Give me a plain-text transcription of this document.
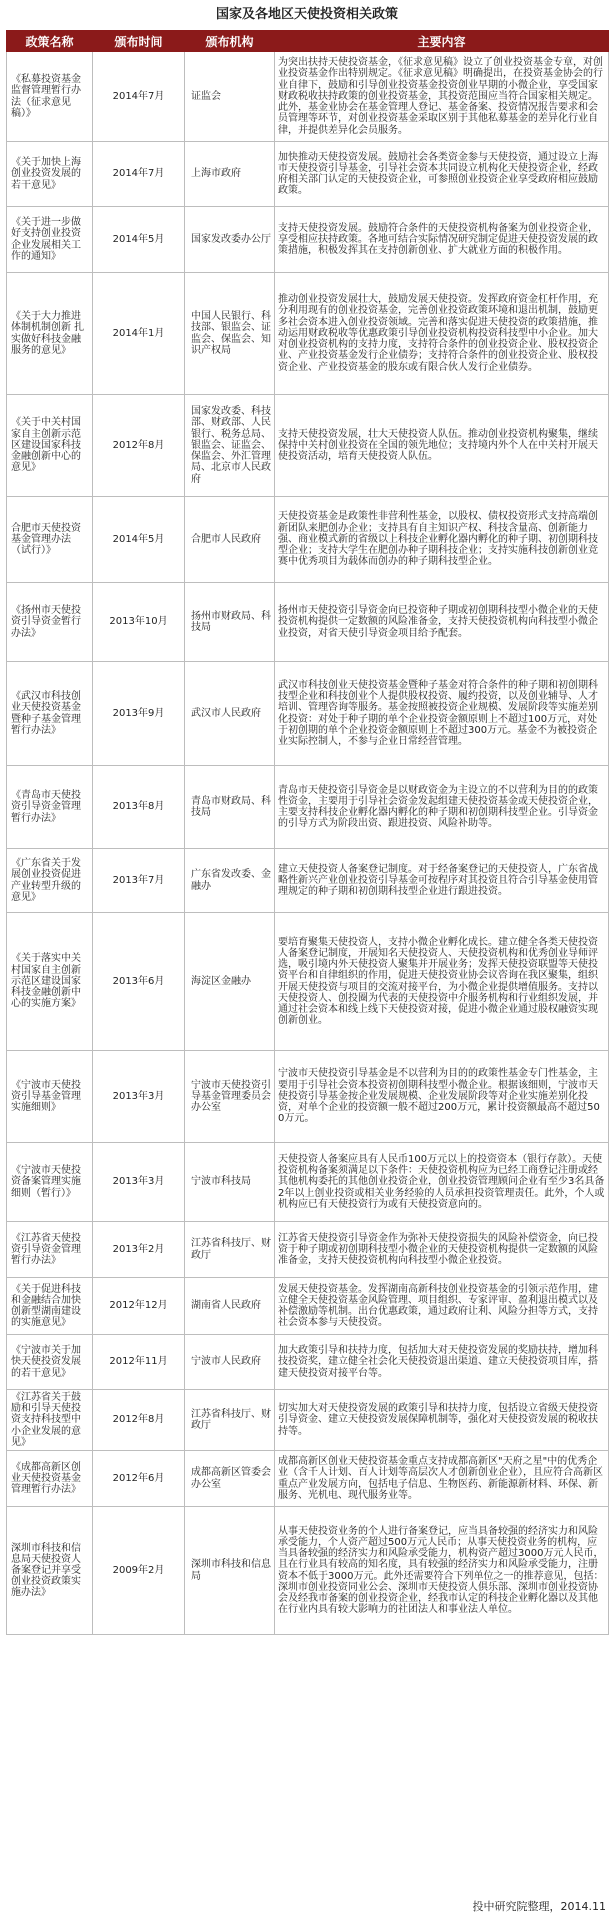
国家及各地区天使投资相关政策
政策名称	颁布时间	颁布机构	主要内容
《私募投资基金监督管理暂行办法（征求意见稿）》	2014年7月	证监会	为突出扶持天使投资基金，《征求意见稿》设立了创业投资基金专章，对创业投资基金作出特别规定。《征求意见稿》明确提出，在投资基金协会的行业自律下，鼓励和引导创业投资基金投资创业早期的小微企业，享受国家财政税收扶持政策的创业投资基金，其投资范围应当符合国家相关规定。此外，基金业协会在基金管理人登记、基金备案、投资情况报告要求和会员管理等环节，对创业投资基金采取区别于其他私募基金的差异化行业自律，并提供差异化会员服务。
《关于加快上海创业投资发展的若干意见》	2014年7月	上海市政府	加快推动天使投资发展。鼓励社会各类资金参与天使投资，通过设立上海市天使投资引导基金，引导社会资本共同设立机构化天使投资企业，经政府相关部门认定的天使投资企业，可参照创业投资企业享受政府相应鼓励政策。
《关于进一步做好支持创业投资企业发展相关工作的通知》	2014年5月	国家发改委办公厅	支持天使投资发展。鼓励符合条件的天使投资机构备案为创业投资企业，享受相应扶持政策。各地可结合实际情况研究制定促进天使投资发展的政策措施，积极发挥其在支持创新创业、扩大就业方面的积极作用。
《关于大力推进体制机制创新 扎实做好科技金融服务的意见》	2014年1月	中国人民银行、科技部、银监会、证监会、保监会、知识产权局	推动创业投资发展壮大，鼓励发展天使投资。发挥政府资金杠杆作用，充分利用现有的创业投资基金，完善创业投资政策环境和退出机制，鼓励更多社会资本进入创业投资领域。完善和落实促进天使投资的政策措施，推动运用财政税收等优惠政策引导创业投资机构投资科技型中小企业。加大对创业投资机构的支持力度，支持符合条件的创业投资企业、股权投资企业、产业投资基金发行企业债券；支持符合条件的创业投资企业、股权投资企业、产业投资基金的股东或有限合伙人发行企业债券。
《关于中关村国家自主创新示范区建设国家科技金融创新中心的意见》	2012年8月	国家发改委、科技部、财政部、人民银行、税务总局、银监会、证监会、保监会、外汇管理局、北京市人民政府	支持天使投资发展，壮大天使投资人队伍。推动创业投资机构聚集，继续保持中关村创业投资在全国的领先地位；支持境内外个人在中关村开展天使投资活动，培育天使投资人队伍。
合肥市天使投资基金管理办法（试行）》	2014年5月	合肥市人民政府	天使投资基金是政策性非营利性基金，以股权、债权投资形式支持高端创新团队来肥创办企业；支持具有自主知识产权、科技含量高、创新能力强、商业模式新的省级以上科技企业孵化器内孵化的种子期、初创期科技型企业；支持大学生在肥创办种子期科技企业；支持实施科技创新创业竞赛中优秀项目为载体而创办的种子期科技型企业。
《扬州市天使投资引导资金暂行办法》	2013年10月	扬州市财政局、科技局	扬州市天使投资引导资金向已投资种子期或初创期科技型小微企业的天使投资机构提供一定数额的风险准备金，支持天使投资机构向科技型小微企业投资，对省天使引导资金项目给予配套。
《武汉市科技创业天使投资基金暨种子基金管理暂行办法》	2013年9月	武汉市人民政府	武汉市科技创业天使投资基金暨种子基金对符合条件的种子期和初创期科技型企业和科技创业个人提供股权投资、履约投资，以及创业辅导、人才培训、管理咨询等服务。基金按照被投资企业规模、发展阶段等实施差别化投资：对处于种子期的单个企业投资金额原则上不超过100万元，对处于初创期的单个企业投资金额原则上不超过300万元。基金不为被投资企业实际控制人，不参与企业日常经营管理。
《青岛市天使投资引导资金管理暂行办法》	2013年8月	青岛市财政局、科技局	青岛市天使投资引导资金是以财政资金为主设立的不以营利为目的的政策性资金，主要用于引导社会资金发起组建天使投资基金或天使投资企业，主要支持科技企业孵化器内孵化的种子期和初创期科技型企业。引导资金的引导方式为阶段出资、跟进投资、风险补助等。
《广东省关于发展创业投资促进产业转型升级的意见》	2013年7月	广东省发改委、金融办	建立天使投资人备案登记制度。对于经备案登记的天使投资人，广东省战略性新兴产业创业投资引导基金可按程序对其投资且符合引导基金使用管理规定的种子期和初创期科技型企业进行跟进投资。
《关于落实中关村国家自主创新示范区建设国家科技金融创新中心的实施方案》	2013年6月	海淀区金融办	要培育聚集天使投资人，支持小微企业孵化成长。建立健全各类天使投资人备案登记制度，开展知名天使投资人、天使投资机构和优秀创业导师评选，吸引境内外天使投资人聚集并开展业务；发挥天使投资联盟等天使投资平台和自律组织的作用，促进天使投资业协会议咨询在我区聚集，组织开展天使投资与项目的交流对接平台，为小微企业提供增值服务。支持以天使投资人、创投圈为代表的天使投资中介服务机构和行业组织发展，并通过社会资本和线上线下天使投资对接，促进小微企业通过股权融资实现创新创业。
《宁波市天使投资引导基金管理实施细则》	2013年3月	宁波市天使投资引导基金管理委员会办公室	宁波市天使投资引导基金是不以营利为目的的政策性基金专门性基金，主要用于引导社会资本投资初创期科技型小微企业。根据该细则，宁波市天使投资引导基金按企业发展规模、企业发展阶段等对企业实施差别化投资，对单个企业的投资额一般不超过200万元，累计投资额最高不超过500万元。
《宁波市天使投资备案管理实施细则（暂行）》	2013年3月	宁波市科技局	天使投资人备案应具有人民币100万元以上的投资资本（银行存款）。天使投资机构备案须满足以下条件：天使投资机构应为已经工商登记注册或经其他机构委托的其他创业投资企业，创业投资管理顾问企业有至少3名具备2年以上创业投资或相关业务经验的人员承担投资管理责任。此外，个人或机构应已有天使投资行为或有天使投资意向的。
《江苏省天使投资引导资金管理暂行办法》	2013年2月	江苏省科技厅、财政厅	江苏省天使投资引导资金作为弥补天使投资损失的风险补偿资金，向已投资于种子期或初创期科技型小微企业的天使投资机构提供一定数额的风险准备金，支持天使投资机构向科技型小微企业投资。
《关于促进科技和金融结合加快创新型湖南建设的实施意见》	2012年12月	湖南省人民政府	发展天使投资基金。发挥湖南高新科技创业投资基金的引领示范作用，建立健全天使投资基金风险管理、项目组织、专家评审、盈利退出模式以及补偿激励等机制。出台优惠政策，通过政府让利、风险分担等方式，支持社会资本参与天使投资。
《宁波市关于加快天使投资发展的若干意见》	2012年11月	宁波市人民政府	加大政策引导和扶持力度，包括加大对天使投资发展的奖励扶持，增加科技投资奖，建立健全社会化天使投资退出渠道、建立天使投资项目库，搭建天使投资对接平台等。
《江苏省关于鼓励和引导天使投资支持科技型中小企业发展的意见》	2012年8月	江苏省科技厅、财政厅	切实加大对天使投资发展的政策引导和扶持力度，包括设立省级天使投资引导资金、建立天使投资发展保障机制等，强化对天使投资发展的税收扶持等。
《成都高新区创业天使投资基金管理暂行办法》	2012年6月	成都高新区管委会办公室	成都高新区创业天使投资基金重点支持成都高新区"天府之星"中的优秀企业（含千人计划、百人计划等高层次人才创新创业企业），且应符合高新区重点产业发展方向，包括电子信息、生物医药、新能源新材料、环保、新服务、光机电、现代服务业等。
深圳市科技和信息局天使投资人备案登记并享受创业投资政策实施办法》	2009年2月	深圳市科技和信息局	从事天使投资业务的个人进行备案登记，应当具备较强的经济实力和风险承受能力，个人资产超过500万元人民币；从事天使投资业务的机构，应当具备较强的经济实力和风险承受能力，机构资产超过3000万元人民币，且在行业具有较高的知名度，具有较强的经济实力和风险承受能力，注册资本不低于3000万元。此外还需要符合下列单位之一的推荐意见，包括：深圳市创业投资同业公会、深圳市天使投资人俱乐部、深圳市创业投资协会及经我市备案的创业投资企业，经我市认定的科技企业孵化器以及其他在行业内具有较大影响力的社团法人和事业法人单位。
投中研究院整理，2014.11
